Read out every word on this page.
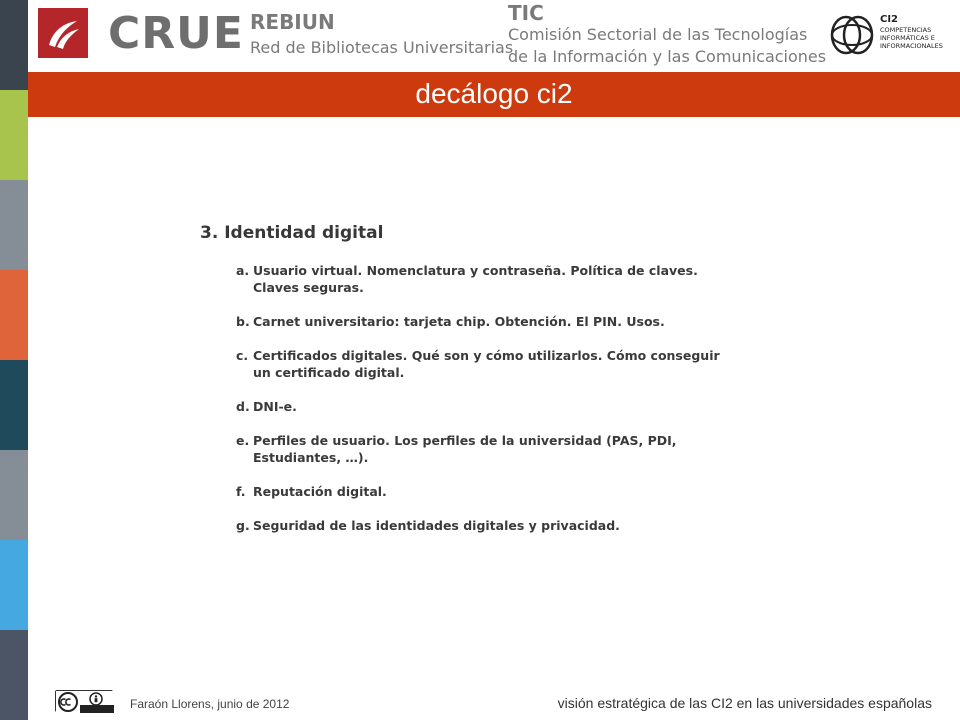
CRUE REBIUN
Red de Bibliotecas Universitarias
TIC
Comisión Sectorial de las Tecnologías
de la Información y las Comunicaciones
CI2
COMPETENCIAS
INFORMÁTICAS E
INFORMACIONALES
decálogo ci2
3. Identidad digital
a. Usuario virtual. Nomenclatura y contraseña. Política de claves. Claves seguras.
b. Carnet universitario: tarjeta chip. Obtención. El PIN. Usos.
c. Certificados digitales. Qué son y cómo utilizarlos. Cómo conseguir un certificado digital.
d. DNI-e.
e. Perfiles de usuario. Los perfiles de la universidad (PAS, PDI, Estudiantes, …).
f. Reputación digital.
g. Seguridad de las identidades digitales y privacidad.
Faraón Llorens, junio de 2012	visión estratégica de las CI2 en las universidades españolas
